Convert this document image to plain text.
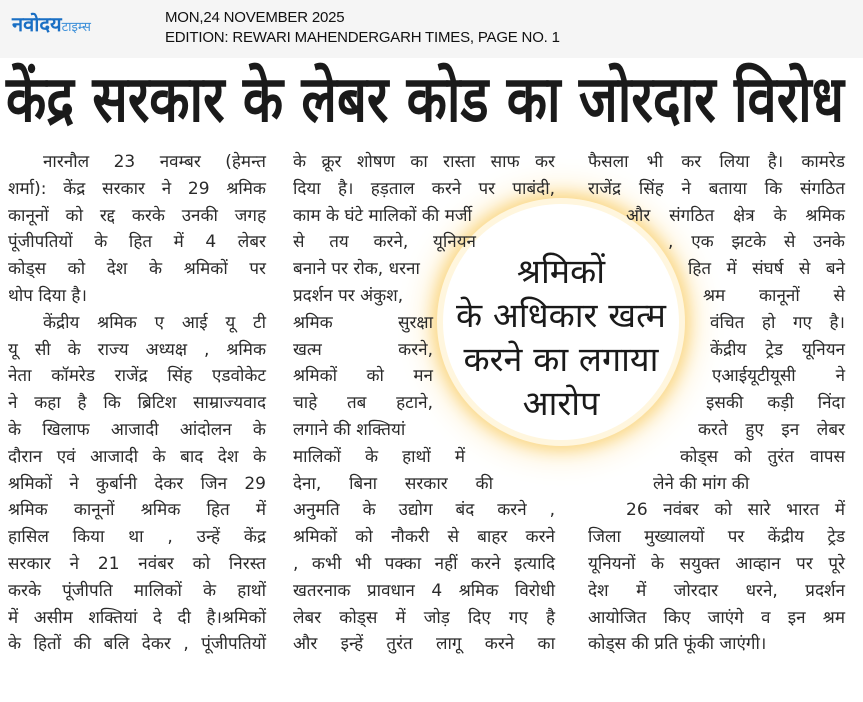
नवोदयटाइम्स
MON,24 NOVEMBER 2025
EDITION: REWARI MAHENDERGARH TIMES, PAGE NO. 1
केंद्र सरकार के लेबर कोड का जोरदार विरोध
श्रमिकों
के अधिकार खत्म
करने का लगाया
आरोप
नारनौल 23 नवम्बर (हेमन्त
शर्मा): केंद्र सरकार ने 29 श्रमिक
कानूनों को रद्द करके उनकी जगह
पूंजीपतियों के हित में 4 लेबर
कोड्स को देश के श्रमिकों पर
थोप दिया है।
केंद्रीय श्रमिक ए आई यू टी
यू सी के राज्य अध्यक्ष , श्रमिक
नेता कॉमरेड राजेंद्र सिंह एडवोकेट
ने कहा है कि ब्रिटिश साम्राज्यवाद
के खिलाफ आजादी आंदोलन के
दौरान एवं आजादी के बाद देश के
श्रमिकों ने कुर्बानी देकर जिन 29
श्रमिक कानूनों श्रमिक हित में
हासिल किया था , उन्हें केंद्र
सरकार ने 21 नवंबर को निरस्त
करके पूंजीपति मालिकों के हाथों
में असीम शक्तियां दे दी है।श्रमिकों
के हितों की बलि देकर , पूंजीपतियों
के क्रूर शोषण का रास्ता साफ कर
दिया है। हड़ताल करने पर पाबंदी,
काम के घंटे मालिकों की मर्जी
से तय करने, यूनियन
बनाने पर रोक, धरना
प्रदर्शन पर अंकुश,
श्रमिक सुरक्षा
खत्म करने,
श्रमिकों को मन
चाहे तब हटाने,
लगाने की शक्तियां
मालिकों के हाथों में
देना, बिना सरकार की
अनुमति के उद्योग बंद करने ,
श्रमिकों को नौकरी से बाहर करने
, कभी भी पक्का नहीं करने इत्यादि
खतरनाक प्रावधान 4 श्रमिक विरोधी
लेबर कोड्स में जोड़ दिए गए है
और इन्हें तुरंत लागू करने का
फैसला भी कर लिया है। कामरेड
राजेंद्र सिंह ने बताया कि संगठित
और संगठित क्षेत्र के श्रमिक
, एक झटके से उनके
हित में संघर्ष से बने
श्रम कानूनों से
वंचित हो गए है।
केंद्रीय ट्रेड यूनियन
एआईयूटीयूसी ने
इसकी कड़ी निंदा
करते हुए इन लेबर
कोड्स को तुरंत वापस
लेने की मांग की
26 नवंबर को सारे भारत में
जिला मुख्यालयों पर केंद्रीय ट्रेड
यूनियनों के सयुक्त आव्हान पर पूरे
देश में जोरदार धरने, प्रदर्शन
आयोजित किए जाएंगे व इन श्रम
कोड्स की प्रति फूंकी जाएंगी।
